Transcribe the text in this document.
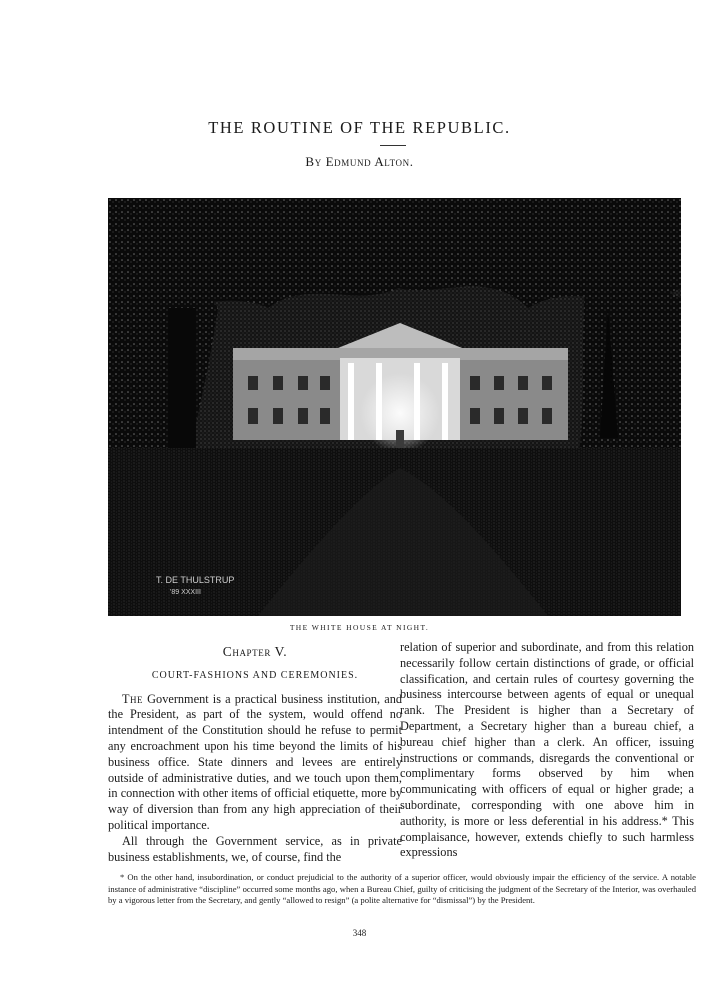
THE ROUTINE OF THE REPUBLIC.
By Edmund Alton.
T. DE THULSTRUP
'89 XXXIII
THE WHITE HOUSE AT NIGHT.
Chapter V.
COURT-FASHIONS AND CEREMONIES.

The Government is a practical business institution, and the President, as part of the system, would offend no intendment of the Constitution should he refuse to permit any encroachment upon his time beyond the limits of his business office. State dinners and levees are entirely outside of administrative duties, and we touch upon them, in connection with other items of official etiquette, more by way of diversion than from any high appreciation of their political importance.

All through the Government service, as in private business establishments, we, of course, find the

relation of superior and subordinate, and from this relation necessarily follow certain distinctions of grade, or official classification, and certain rules of courtesy governing the business intercourse between agents of equal or unequal rank. The President is higher than a Secretary of Department, a Secretary higher than a bureau chief, a bureau chief higher than a clerk. An officer, issuing instructions or commands, disregards the conventional or complimentary forms observed by him when communicating with officers of equal or higher grade; a subordinate, corresponding with one above him in authority, is more or less deferential in his address.* This complaisance, however, extends chiefly to such harmless expressions

* On the other hand, insubordination, or conduct prejudicial to the authority of a superior officer, would obviously impair the efficiency of the service. A notable instance of administrative “discipline” occurred some months ago, when a Bureau Chief, guilty of criticising the judgment of the Secretary of the Interior, was overhauled by a vigorous letter from the Secretary, and gently “allowed to resign” (a polite alternative for “dismissal”) by the President.

348
